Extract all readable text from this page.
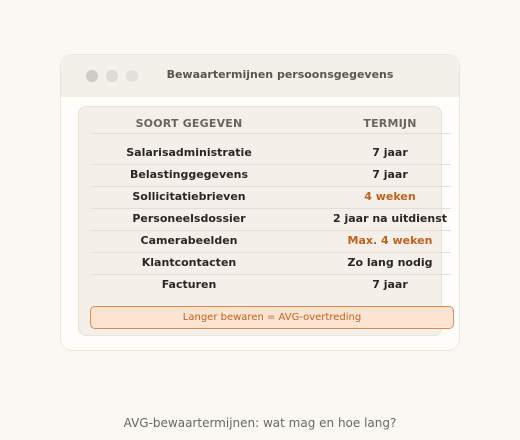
Bewaartermijnen persoonsgegevens
SOORT GEGEVEN	TERMIJN
Salarisadministratie	7 jaar
Belastinggegevens	7 jaar
Sollicitatiebrieven	4 weken
Personeelsdossier	2 jaar na uitdienst
Camerabeelden	Max. 4 weken
Klantcontacten	Zo lang nodig
Facturen	7 jaar
Langer bewaren = AVG-overtreding
AVG-bewaartermijnen: wat mag en hoe lang?
